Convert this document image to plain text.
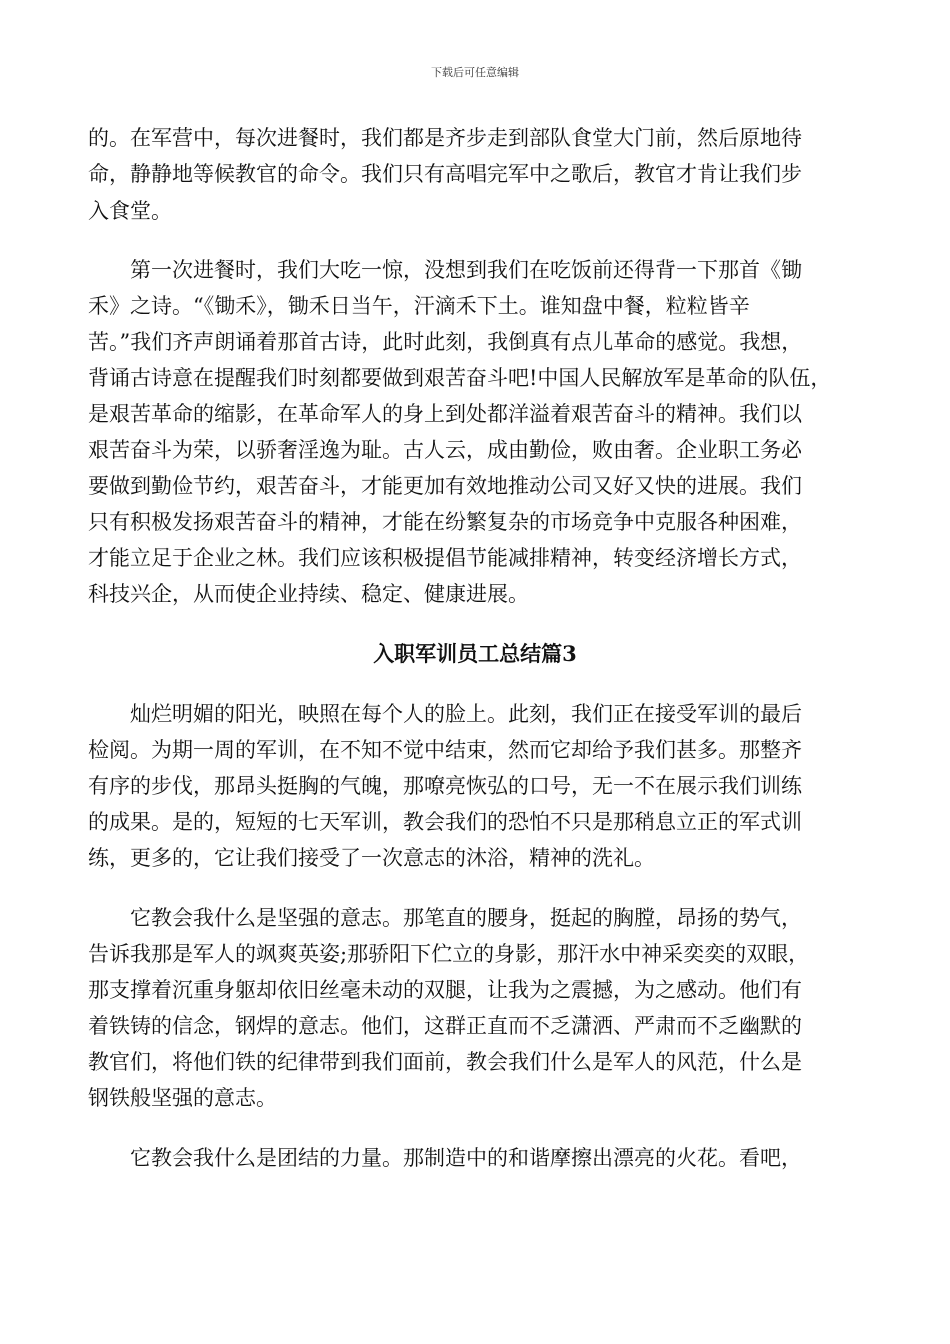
下载后可任意编辑
的。在军营中，每次进餐时，我们都是齐步走到部队食堂大门前，然后原地待
命，静静地等候教官的命令。我们只有高唱完军中之歌后，教官才肯让我们步
入食堂。
　　第一次进餐时，我们大吃一惊，没想到我们在吃饭前还得背一下那首《锄
禾》之诗。“《锄禾》，锄禾日当午，汗滴禾下土。谁知盘中餐，粒粒皆辛
苦。”我们齐声朗诵着那首古诗，此时此刻，我倒真有点儿革命的感觉。我想，
背诵古诗意在提醒我们时刻都要做到艰苦奋斗吧!中国人民解放军是革命的队伍，
是艰苦革命的缩影，在革命军人的身上到处都洋溢着艰苦奋斗的精神。我们以
艰苦奋斗为荣，以骄奢淫逸为耻。古人云，成由勤俭，败由奢。企业职工务必
要做到勤俭节约，艰苦奋斗，才能更加有效地推动公司又好又快的进展。我们
只有积极发扬艰苦奋斗的精神，才能在纷繁复杂的市场竞争中克服各种困难，
才能立足于企业之林。我们应该积极提倡节能减排精神，转变经济增长方式，
科技兴企，从而使企业持续、稳定、健康进展。
入职军训员工总结篇3
　　灿烂明媚的阳光，映照在每个人的脸上。此刻，我们正在接受军训的最后
检阅。为期一周的军训，在不知不觉中结束，然而它却给予我们甚多。那整齐
有序的步伐，那昂头挺胸的气魄，那嘹亮恢弘的口号，无一不在展示我们训练
的成果。是的，短短的七天军训，教会我们的恐怕不只是那稍息立正的军式训
练，更多的，它让我们接受了一次意志的沐浴，精神的洗礼。
　　它教会我什么是坚强的意志。那笔直的腰身，挺起的胸膛，昂扬的势气，
告诉我那是军人的飒爽英姿;那骄阳下伫立的身影，那汗水中神采奕奕的双眼，
那支撑着沉重身躯却依旧丝毫未动的双腿，让我为之震撼，为之感动。他们有
着铁铸的信念，钢焊的意志。他们，这群正直而不乏潇洒、严肃而不乏幽默的
教官们，将他们铁的纪律带到我们面前，教会我们什么是军人的风范，什么是
钢铁般坚强的意志。
　　它教会我什么是团结的力量。那制造中的和谐摩擦出漂亮的火花。看吧，
